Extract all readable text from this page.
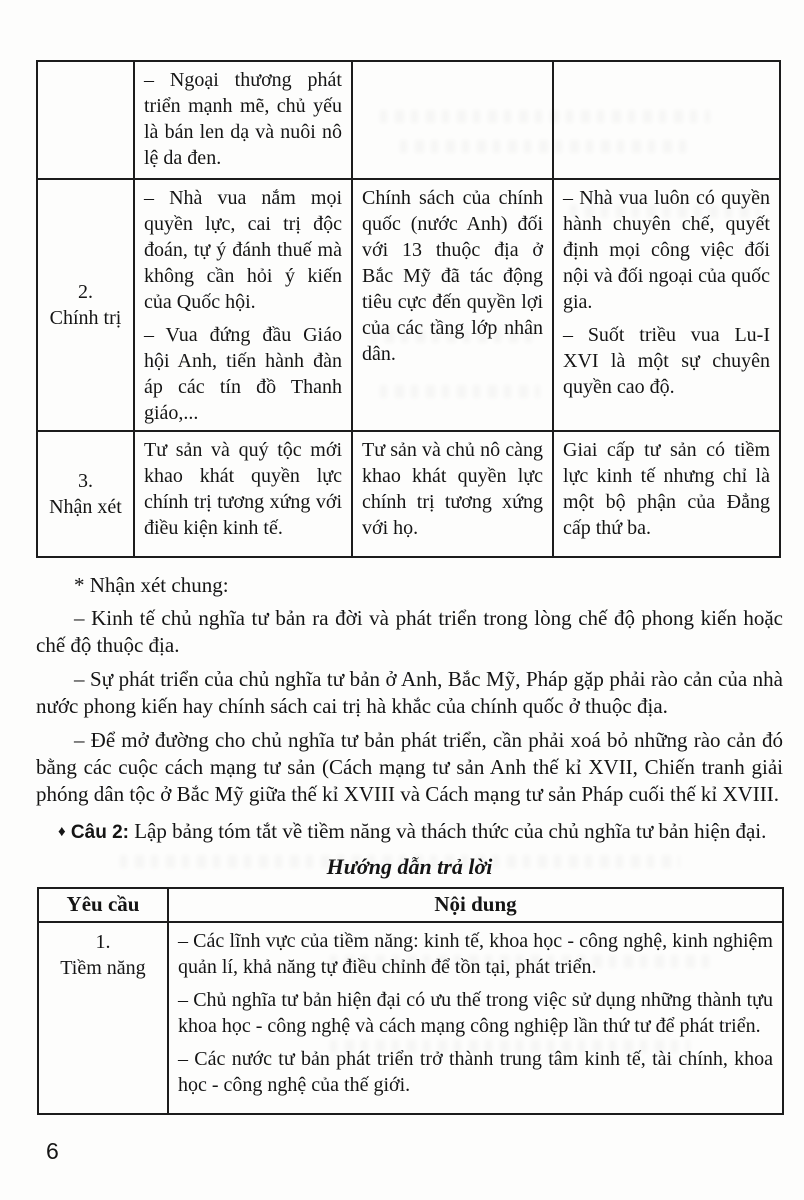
– Ngoại thương phát triển mạnh mẽ, chủ yếu là bán len dạ và nuôi nô lệ da đen.

2.
Chính trị

– Nhà vua nắm mọi quyền lực, cai trị độc đoán, tự ý đánh thuế mà không cần hỏi ý kiến của Quốc hội.

– Vua đứng đầu Giáo hội Anh, tiến hành đàn áp các tín đồ Thanh giáo,...

Chính sách của chính quốc (nước Anh) đối với 13 thuộc địa ở Bắc Mỹ đã tác động tiêu cực đến quyền lợi của các tầng lớp nhân dân.

– Nhà vua luôn có quyền hành chuyên chế, quyết định mọi công việc đối nội và đối ngoại của quốc gia.

– Suốt triều vua Lu-I XVI là một sự chuyên quyền cao độ.

3.
Nhận xét

Tư sản và quý tộc mới khao khát quyền lực chính trị tương xứng với điều kiện kinh tế.

Tư sản và chủ nô càng khao khát quyền lực chính trị tương xứng với họ.

Giai cấp tư sản có tiềm lực kinh tế nhưng chỉ là một bộ phận của Đẳng cấp thứ ba.

* Nhận xét chung:

– Kinh tế chủ nghĩa tư bản ra đời và phát triển trong lòng chế độ phong kiến hoặc chế độ thuộc địa.

– Sự phát triển của chủ nghĩa tư bản ở Anh, Bắc Mỹ, Pháp gặp phải rào cản của nhà nước phong kiến hay chính sách cai trị hà khắc của chính quốc ở thuộc địa.

– Để mở đường cho chủ nghĩa tư bản phát triển, cần phải xoá bỏ những rào cản đó bằng các cuộc cách mạng tư sản (Cách mạng tư sản Anh thế kỉ XVII, Chiến tranh giải phóng dân tộc ở Bắc Mỹ giữa thế kỉ XVIII và Cách mạng tư sản Pháp cuối thế kỉ XVIII.

♦ Câu 2: Lập bảng tóm tắt về tiềm năng và thách thức của chủ nghĩa tư bản hiện đại.

Hướng dẫn trả lời
Yêu cầu	Nội dung
1.
Tiềm năng

– Các lĩnh vực của tiềm năng: kinh tế, khoa học - công nghệ, kinh nghiệm quản lí, khả năng tự điều chỉnh để tồn tại, phát triển.

– Chủ nghĩa tư bản hiện đại có ưu thế trong việc sử dụng những thành tựu khoa học - công nghệ và cách mạng công nghiệp lần thứ tư để phát triển.

– Các nước tư bản phát triển trở thành trung tâm kinh tế, tài chính, khoa học - công nghệ của thế giới.

6
